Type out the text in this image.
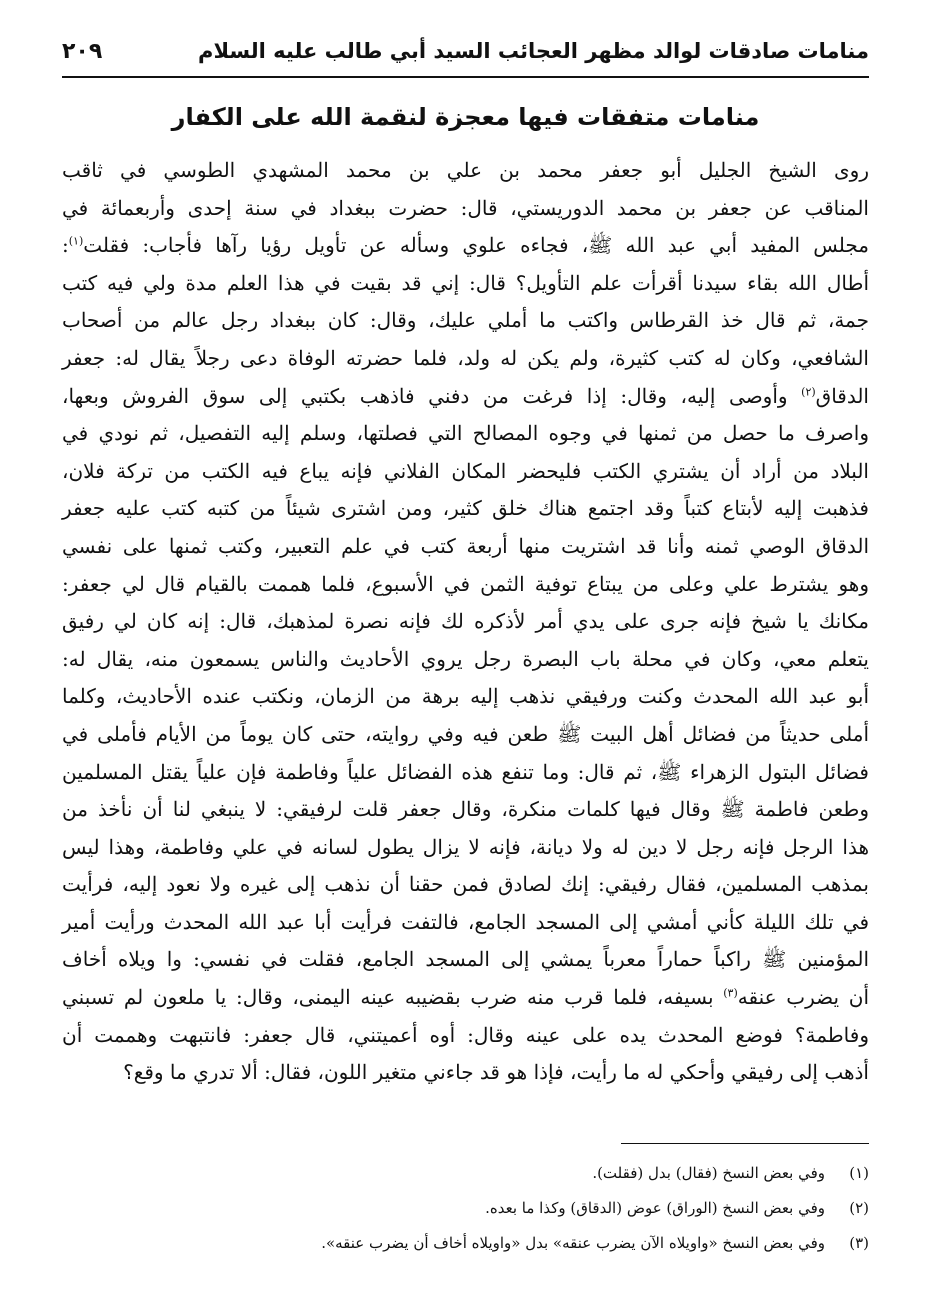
منامات صادقات لوالد مظهر العجائب السيد أبي طالب عليه السلام
٢٠٩
منامات متفقات فيها معجزة لنقمة الله على الكفار
روى الشيخ الجليل أبو جعفر محمد بن علي بن محمد المشهدي الطوسي في ثاقب
المناقب عن جعفر بن محمد الدوريستي، قال: حضرت ببغداد في سنة إحدى وأربعمائة في
مجلس المفيد أبي عبد الله ﷺ، فجاءه علوي وسأله عن تأويل رؤيا رآها فأجاب: فقلت$^{(١)}$:
أطال الله بقاء سيدنا أقرأت علم التأويل؟ قال: إني قد بقيت في هذا العلم مدة ولي فيه كتب
جمة، ثم قال خذ القرطاس واكتب ما أملي عليك، وقال: كان ببغداد رجل عالم من أصحاب
الشافعي، وكان له كتب كثيرة، ولم يكن له ولد، فلما حضرته الوفاة دعى رجلاً يقال له: جعفر
الدقاق$^{(٢)}$ وأوصى إليه، وقال: إذا فرغت من دفني فاذهب بكتبي إلى سوق الفروش وبعها،
واصرف ما حصل من ثمنها في وجوه المصالح التي فصلتها، وسلم إليه التفصيل، ثم نودي في
البلاد من أراد أن يشتري الكتب فليحضر المكان الفلاني فإنه يباع فيه الكتب من تركة فلان،
فذهبت إليه لأبتاع كتباً وقد اجتمع هناك خلق كثير، ومن اشترى شيئاً من كتبه كتب عليه جعفر
الدقاق الوصي ثمنه وأنا قد اشتريت منها أربعة كتب في علم التعبير، وكتب ثمنها على نفسي
وهو يشترط علي وعلى من يبتاع توفية الثمن في الأسبوع، فلما هممت بالقيام قال لي جعفر:
مكانك يا شيخ فإنه جرى على يدي أمر لأذكره لك فإنه نصرة لمذهبك، قال: إنه كان لي رفيق
يتعلم معي، وكان في محلة باب البصرة رجل يروي الأحاديث والناس يسمعون منه، يقال له:
أبو عبد الله المحدث وكنت ورفيقي نذهب إليه برهة من الزمان، ونكتب عنده الأحاديث، وكلما
أملى حديثاً من فضائل أهل البيت ﷺ طعن فيه وفي روايته، حتى كان يوماً من الأيام فأملى في
فضائل البتول الزهراء ﷺ، ثم قال: وما تنفع هذه الفضائل علياً وفاطمة فإن علياً يقتل المسلمين
وطعن فاطمة ﷺ وقال فيها كلمات منكرة، وقال جعفر قلت لرفيقي: لا ينبغي لنا أن نأخذ من
هذا الرجل فإنه رجل لا دين له ولا ديانة، فإنه لا يزال يطول لسانه في علي وفاطمة، وهذا ليس
بمذهب المسلمين، فقال رفيقي: إنك لصادق فمن حقنا أن نذهب إلى غيره ولا نعود إليه، فرأيت
في تلك الليلة كأني أمشي إلى المسجد الجامع، فالتفت فرأيت أبا عبد الله المحدث ورأيت أمير
المؤمنين ﷺ راكباً حماراً معرباً يمشي إلى المسجد الجامع، فقلت في نفسي: وا ويلاه أخاف
أن يضرب عنقه$^{(٣)}$ بسيفه، فلما قرب منه ضرب بقضيبه عينه اليمنى، وقال: يا ملعون لم تسبني
وفاطمة؟ فوضع المحدث يده على عينه وقال: أوه أعميتني، قال جعفر: فانتبهت وهممت أن
أذهب إلى رفيقي وأحكي له ما رأيت، فإذا هو قد جاءني متغير اللون، فقال: ألا تدري ما وقع؟
(١)وفي بعض النسخ (فقال) بدل (فقلت).
(٢)وفي بعض النسخ (الوراق) عوض (الدقاق) وكذا ما بعده.
(٣)وفي بعض النسخ «واويلاه الآن يضرب عنقه» بدل «واويلاه أخاف أن يضرب عنقه».
